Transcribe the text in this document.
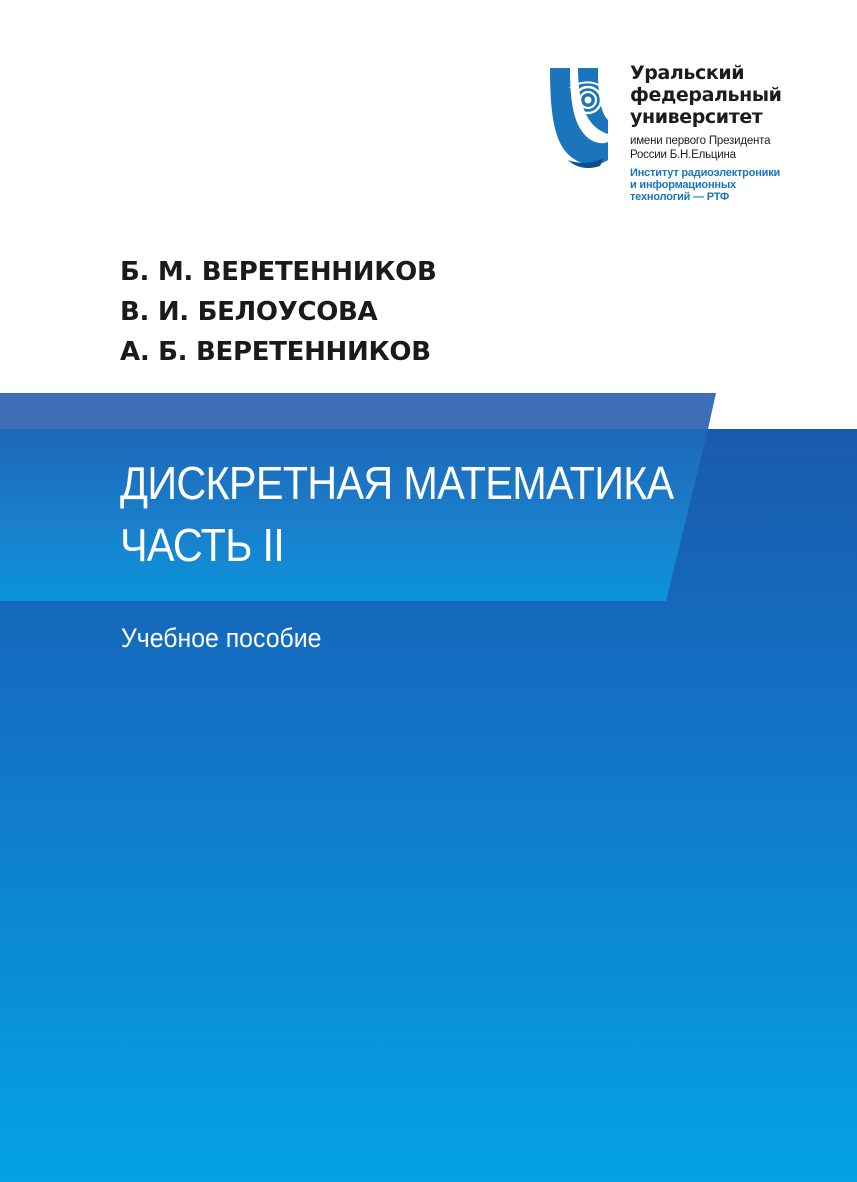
Уральский
федеральный
университет
имени первого Президента
России Б.Н.Ельцина
Институт радиоэлектроники
и информационных
технологий — РТФ
Б. М. ВЕРЕТЕННИКОВ
В. И. БЕЛОУСОВА
А. Б. ВЕРЕТЕННИКОВ
ДИСКРЕТНАЯ МАТЕМАТИКА
ЧАСТЬ II
Учебное пособие
